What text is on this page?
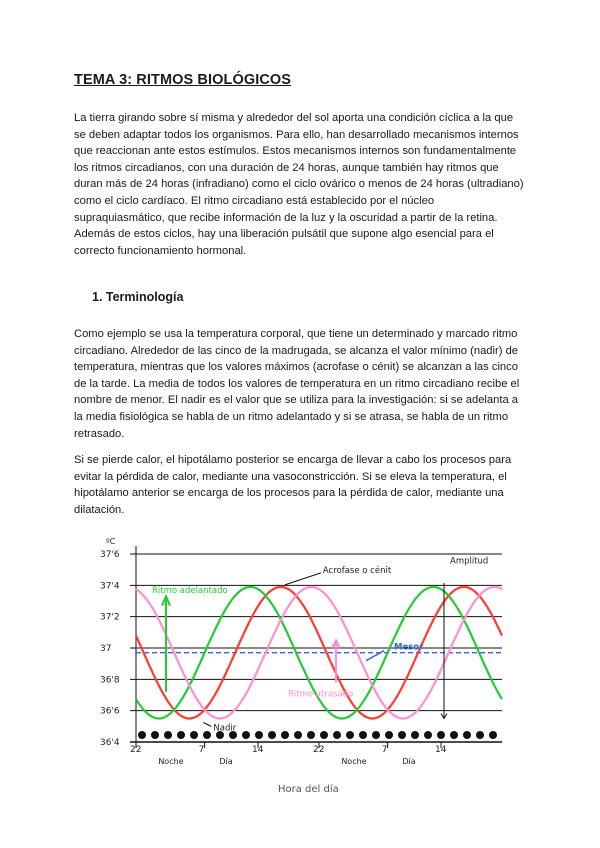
TEMA 3: RITMOS BIOLÓGICOS

La tierra girando sobre sí misma y alrededor del sol aporta una condición cíclica a la que se deben adaptar todos los organismos. Para ello, han desarrollado mecanismos internos que reaccionan ante estos estímulos. Estos mecanismos internos son fundamentalmente los ritmos circadianos, con una duración de 24 horas, aunque también hay ritmos que duran más de 24 horas (infradiano) como el ciclo ovárico o menos de 24 horas (ultradiano) como el ciclo cardíaco. El ritmo circadiano está establecido por el núcleo supraquiasmático, que recibe información de la luz y la oscuridad a partir de la retina. Además de estos ciclos, hay una liberación pulsátil que supone algo esencial para el correcto funcionamiento hormonal.

1. Terminología

Como ejemplo se usa la temperatura corporal, que tiene un determinado y marcado ritmo circadiano. Alrededor de las cinco de la madrugada, se alcanza el valor mínimo (nadir) de temperatura, mientras que los valores máximos (acrofase o cénit) se alcanzan a las cinco de la tarde. La media de todos los valores de temperatura en un ritmo circadiano recibe el nombre de menor. El nadir es el valor que se utiliza para la investigación: si se adelanta a la media fisiológica se habla de un ritmo adelantado y si se atrasa, se habla de un ritmo retrasado.

Si se pierde calor, el hipotálamo posterior se encarga de llevar a cabo los procesos para evitar la pérdida de calor, mediante una vasoconstricción. Si se eleva la temperatura, el hipotálamo anterior se encarga de los procesos para la pérdida de calor, mediante una dilatación.

ºC
37'6
37'4
37'2
37
36'8
36'6
36'4
22	7	14	22	7	14
Noche	Día	Noche	Día
Hora del día
Acrofase o cénit
Amplitud
Mesor
Nadir
Ritmo adelantado
Ritmo atrasado
